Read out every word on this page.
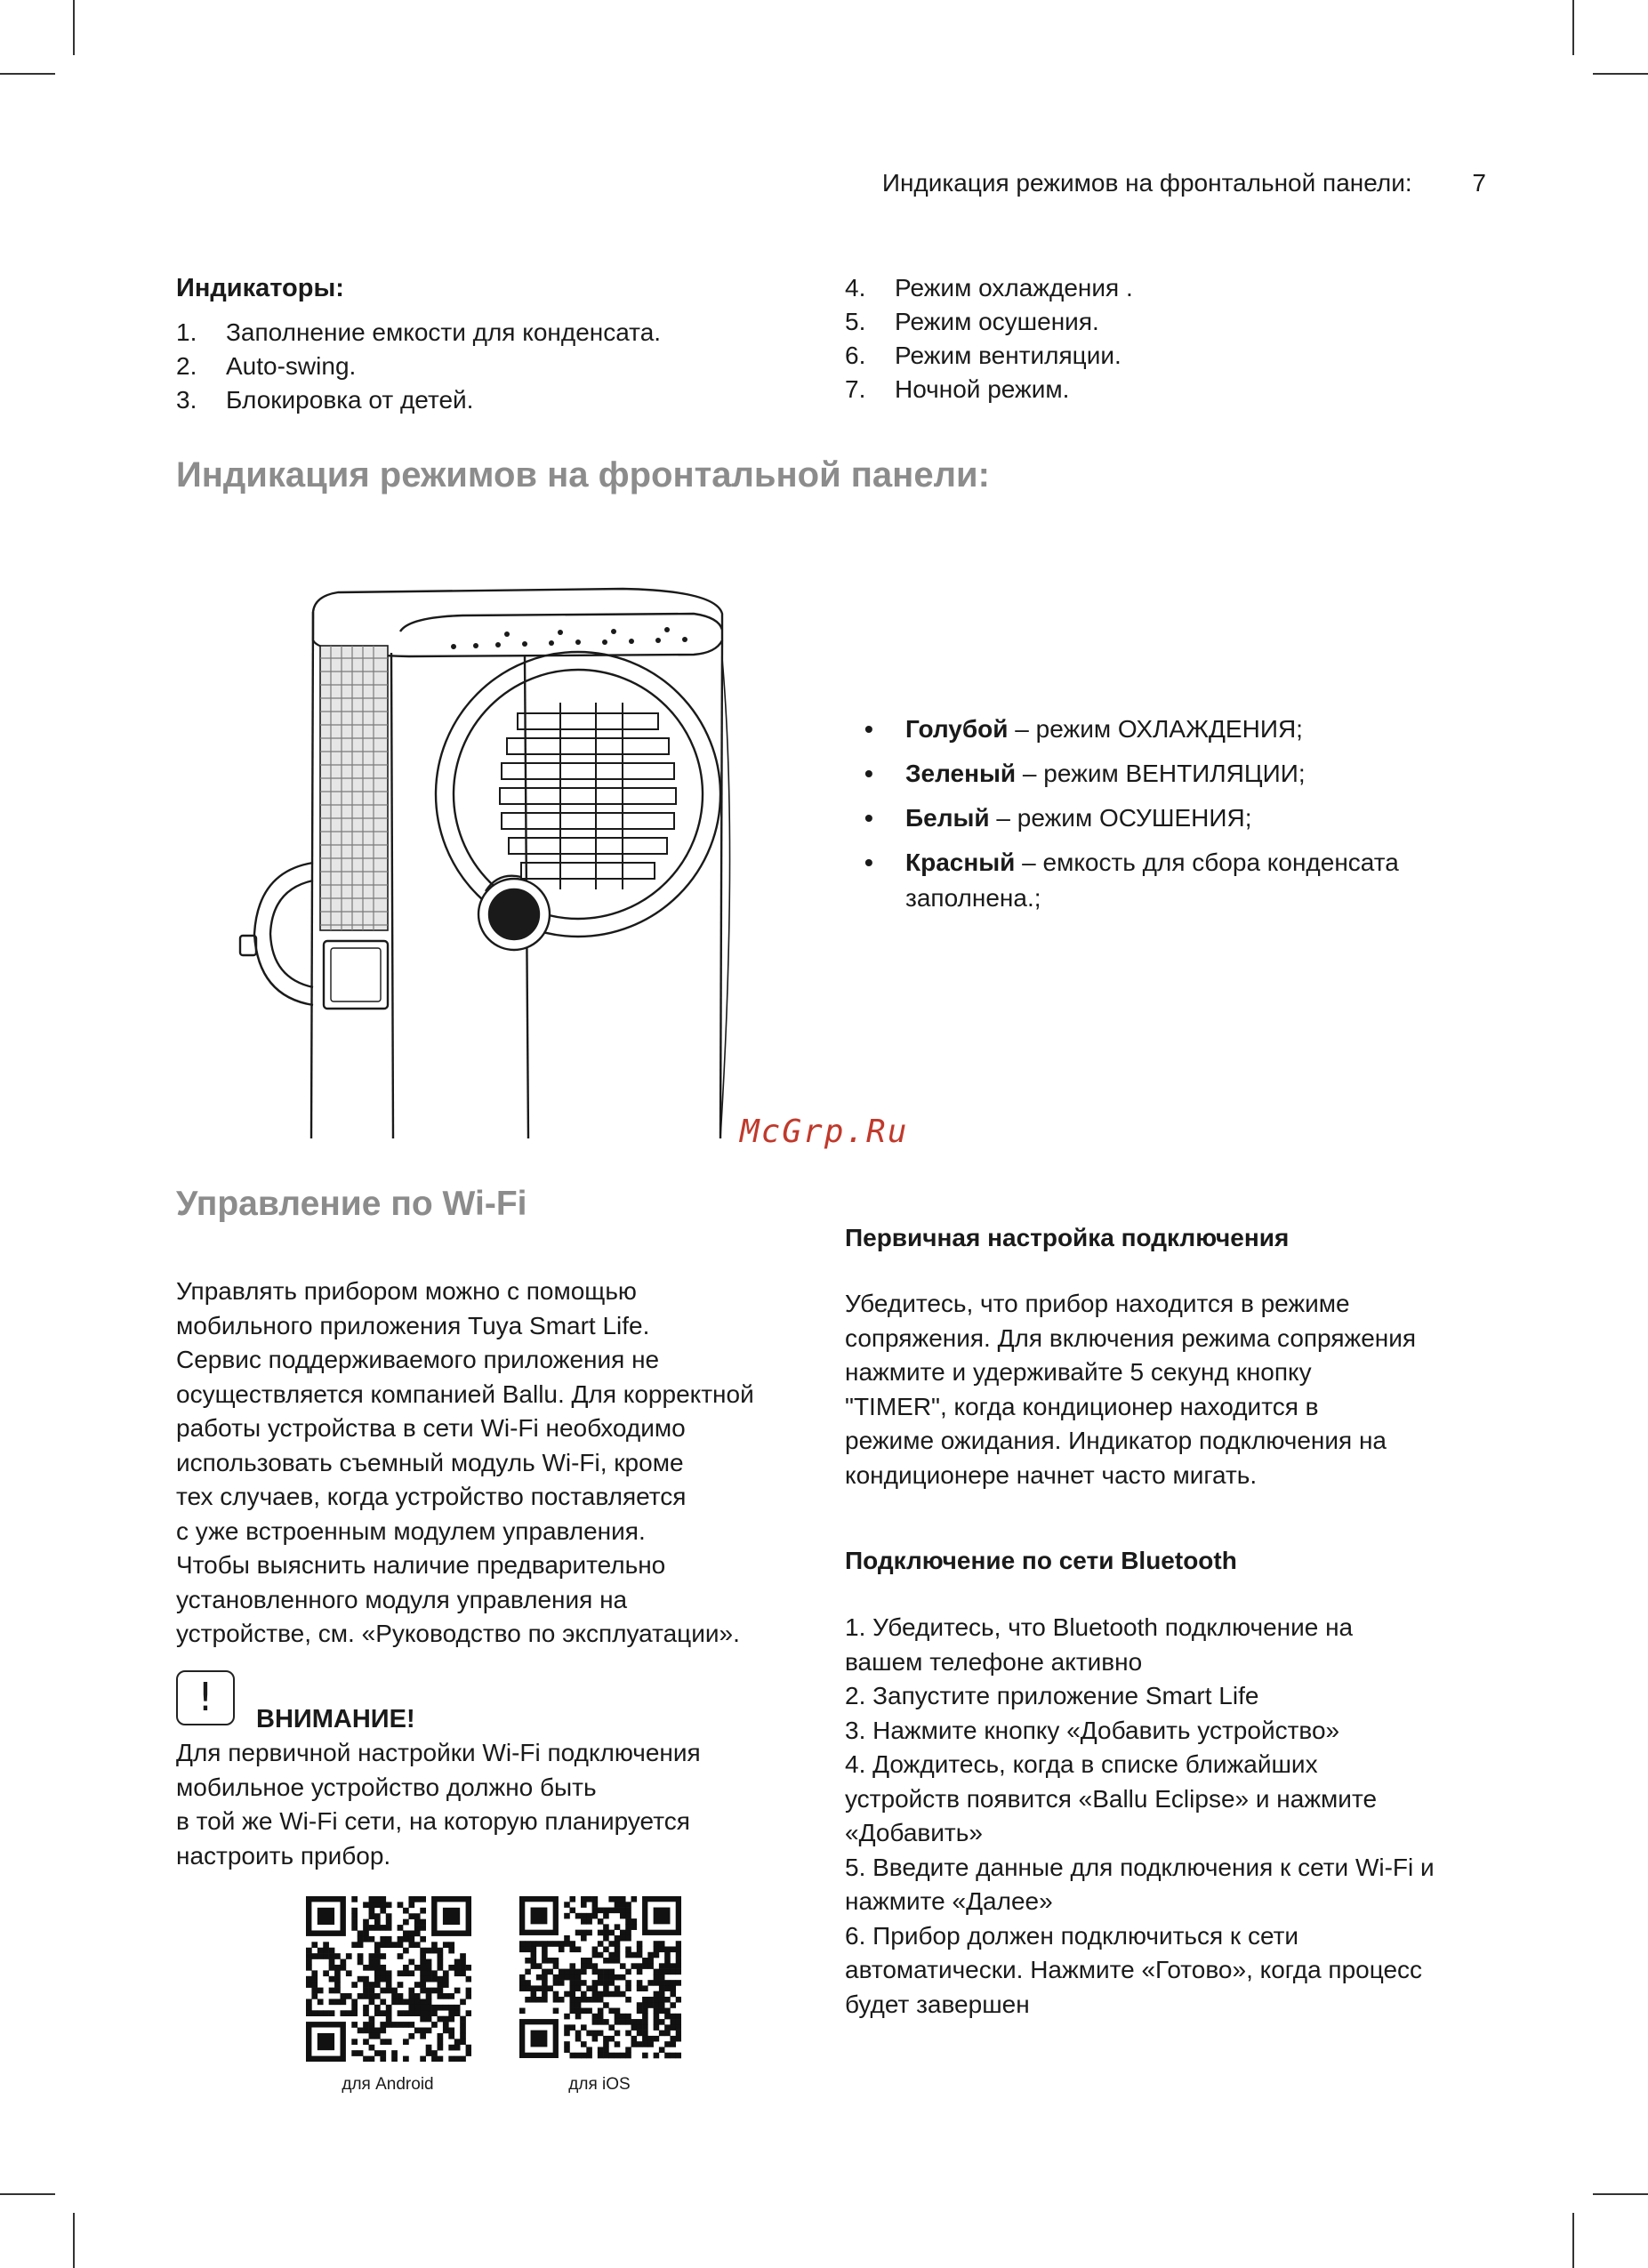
Индикация режимов на фронтальной панели: 7
Индикаторы:
1.	Заполнение емкости для конденсата.
2.	Auto-swing.
3.	Блокировка от детей.
4.	Режим охлаждения .
5.	Режим осушения.
6.	Режим вентиляции.
7.	Ночной режим.
Индикация режимов на фронтальной панели:
• Голубой – режим ОХЛАЖДЕНИЯ;
• Зеленый – режим ВЕНТИЛЯЦИИ;
• Белый – режим ОСУШЕНИЯ;
• Красный – емкость для сбора конденсата заполнена.;
McGrp.Ru
Управление по Wi-Fi
Управлять прибором можно с помощью
мобильного приложения Tuya Smart Life.
Сервис поддерживаемого приложения не
осуществляется компанией Ballu. Для корректной
работы устройства в сети Wi-Fi необходимо
использовать съемный модуль Wi-Fi, кроме
тех случаев, когда устройство поставляется
с уже встроенным модулем управления.
Чтобы выяснить наличие предварительно
установленного модуля управления на
устройстве, см. «Руководство по эксплуатации».
!	ВНИМАНИЕ!
Для первичной настройки Wi-Fi подключения
мобильное устройство должно быть
в той же Wi-Fi сети, на которую планируется
настроить прибор.
для Android	для iOS
Первичная настройка подключения
Убедитесь, что прибор находится в режиме
сопряжения. Для включения режима сопряжения
нажмите и удерживайте 5 секунд кнопку
"TIMER", когда кондиционер находится в
режиме ожидания. Индикатор подключения на
кондиционере начнет часто мигать.
Подключение по сети Bluetooth
1. Убедитесь, что Bluetooth подключение на
вашем телефоне активно
2. Запустите приложение Smart Life
3. Нажмите кнопку «Добавить устройство»
4. Дождитесь, когда в списке ближайших
устройств появится «Ballu Eclipse» и нажмите
«Добавить»
5. Введите данные для подключения к сети Wi-Fi и
нажмите «Далее»
6. Прибор должен подключиться к сети
автоматически. Нажмите «Готово», когда процесс
будет завершен
